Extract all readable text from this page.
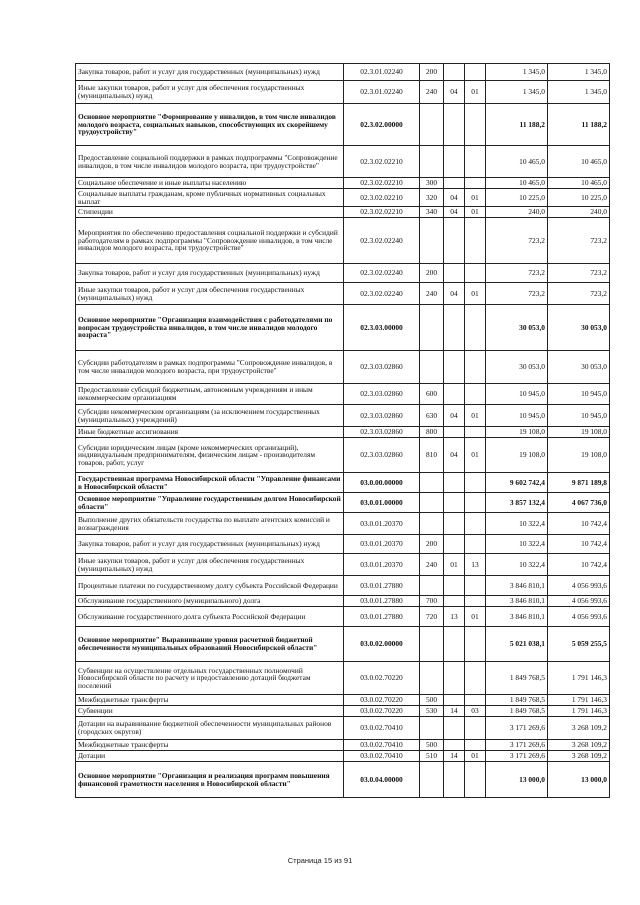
Закупка товаров, работ и услуг для государственных (муниципальных) нужд	02.3.01.02240	200			1 345,0	1 345,0
Иные закупки товаров, работ и услуг для обеспечения государственных (муниципальных) нужд	02.3.01.02240	240	04	01	1 345,0	1 345,0
Основное мероприятие "Формирование у инвалидов, в том числе инвалидов молодого возраста, социальных навыков, способствующих их скорейшему трудоустройству"	02.3.02.00000				11 188,2	11 188,2
Предоставление социальной поддержки в рамках подпрограммы "Сопровождение инвалидов, в том числе инвалидов молодого возраста, при трудоустройстве"	02.3.02.02210				10 465,0	10 465,0
Социальное обеспечение и иные выплаты населению	02.3.02.02210	300			10 465,0	10 465,0
Социальные выплаты гражданам, кроме публичных нормативных социальных выплат	02.3.02.02210	320	04	01	10 225,0	10 225,0
Стипендии	02.3.02.02210	340	04	01	240,0	240,0
Мероприятия по обеспечению предоставления социальной поддержки и субсидий работодателям в рамках подпрограммы "Сопровождение инвалидов, в том числе инвалидов молодого возраста, при трудоустройстве"	02.3.02.02240				723,2	723,2
Закупка товаров, работ и услуг для государственных (муниципальных) нужд	02.3.02.02240	200			723,2	723,2
Иные закупки товаров, работ и услуг для обеспечения государственных (муниципальных) нужд	02.3.02.02240	240	04	01	723,2	723,2
Основное мероприятие "Организация взаимодействия с работодателями по вопросам трудоустройства инвалидов, в том числе инвалидов молодого возраста"	02.3.03.00000				30 053,0	30 053,0
Субсидии работодателям в рамках подпрограммы "Сопровождение инвалидов, в том числе инвалидов молодого возраста, при трудоустройстве"	02.3.03.02860				30 053,0	30 053,0
Предоставление субсидий бюджетным, автономным учреждениям и иным некоммерческим организациям	02.3.03.02860	600			10 945,0	10 945,0
Субсидии некоммерческим организациям (за исключением государственных (муниципальных) учреждений)	02.3.03.02860	630	04	01	10 945,0	10 945,0
Иные бюджетные ассигнования	02.3.03.02860	800			19 108,0	19 108,0
Субсидии юридическим лицам (кроме некоммерческих организаций), индивидуальным предпринимателям, физическим лицам - производителям товаров, работ, услуг	02.3.03.02860	810	04	01	19 108,0	19 108,0
Государственная программа Новосибирской области "Управление финансами в Новосибирской области"	03.0.00.00000				9 602 742,4	9 871 189,8
Основное мероприятие "Управление государственным долгом Новосибирской области"	03.0.01.00000				3 857 132,4	4 067 736,0
Выполнение других обязательств государства по выплате агентских комиссий и вознаграждения	03.0.01.20370				10 322,4	10 742,4
Закупка товаров, работ и услуг для государственных (муниципальных) нужд	03.0.01.20370	200			10 322,4	10 742,4
Иные закупки товаров, работ и услуг для обеспечения государственных (муниципальных) нужд	03.0.01.20370	240	01	13	10 322,4	10 742,4
Процентные платежи по государственному долгу субъекта Российской Федерации	03.0.01.27880				3 846 810,1	4 056 993,6
Обслуживание государственного (муниципального) долга	03.0.01.27880	700			3 846 810,1	4 056 993,6
Обслуживание государственного долга субъекта Российской Федерации	03.0.01.27880	720	13	01	3 846 810,1	4 056 993,6
Основное мероприятие" Выравнивание уровня расчетной бюджетной обеспеченности муниципальных образований Новосибирской области"	03.0.02.00000				5 021 038,1	5 059 255,5
Субвенции на осуществление отдельных государственных полномочий Новосибирской области по расчету и предоставлению дотаций бюджетам поселений	03.0.02.70220				1 849 768,5	1 791 146,3
Межбюджетные трансферты	03.0.02.70220	500			1 849 768,5	1 791 146,3
Субвенции	03.0.02.70220	530	14	03	1 849 768,5	1 791 146,3
Дотации на выравнивание бюджетной обеспеченности муниципальных районов (городских округов)	03.0.02.70410				3 171 269,6	3 268 109,2
Межбюджетные трансферты	03.0.02.70410	500			3 171 269,6	3 268 109,2
Дотации	03.0.02.70410	510	14	01	3 171 269,6	3 268 109,2
Основное мероприятие "Организация и реализация программ повышения финансовой грамотности населения в Новосибирской области"	03.0.04.00000				13 000,0	13 000,0
Страница 15 из 91
